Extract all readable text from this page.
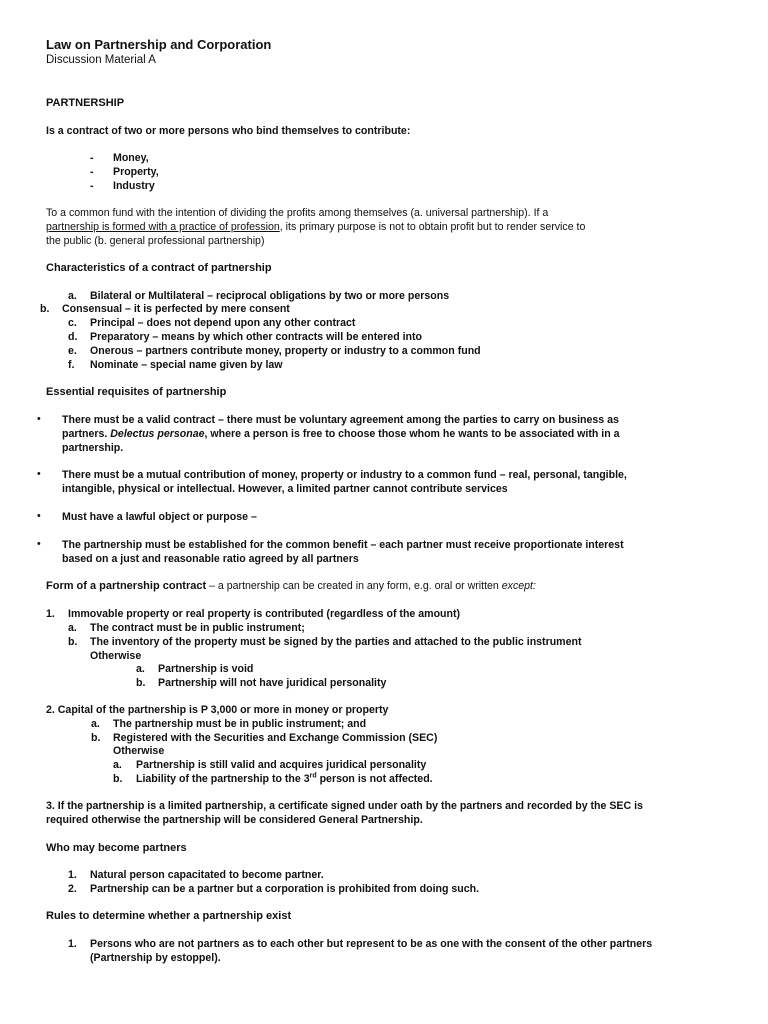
Law on Partnership and Corporation
Discussion Material A
PARTNERSHIP
Is a contract of two or more persons who bind themselves to contribute:
- Money,
- Property,
- Industry
To a common fund with the intention of dividing the profits among themselves (a. universal partnership). If a
partnership is formed with a practice of profession, its primary purpose is not to obtain profit but to render service to
the public (b. general professional partnership)
Characteristics of a contract of partnership
a. Bilateral or Multilateral – reciprocal obligations by two or more persons
b. Consensual – it is perfected by mere consent
c. Principal – does not depend upon any other contract
d. Preparatory – means by which other contracts will be entered into
e. Onerous – partners contribute money, property or industry to a common fund
f. Nominate – special name given by law
Essential requisites of partnership
• There must be a valid contract – there must be voluntary agreement among the parties to carry on business as
partners. Delectus personae, where a person is free to choose those whom he wants to be associated with in a
partnership.
• There must be a mutual contribution of money, property or industry to a common fund – real, personal, tangible,
intangible, physical or intellectual. However, a limited partner cannot contribute services
• Must have a lawful object or purpose –
• The partnership must be established for the common benefit – each partner must receive proportionate interest
based on a just and reasonable ratio agreed by all partners
Form of a partnership contract – a partnership can be created in any form, e.g. oral or written except:
1. Immovable property or real property is contributed (regardless of the amount)
a. The contract must be in public instrument;
b. The inventory of the property must be signed by the parties and attached to the public instrument
Otherwise
a. Partnership is void
b. Partnership will not have juridical personality
2. Capital of the partnership is P 3,000 or more in money or property
a. The partnership must be in public instrument; and
b. Registered with the Securities and Exchange Commission (SEC)
Otherwise
a. Partnership is still valid and acquires juridical personality
b. Liability of the partnership to the 3rd person is not affected.
3. If the partnership is a limited partnership, a certificate signed under oath by the partners and recorded by the SEC is
required otherwise the partnership will be considered General Partnership.
Who may become partners
1. Natural person capacitated to become partner.
2. Partnership can be a partner but a corporation is prohibited from doing such.
Rules to determine whether a partnership exist
1. Persons who are not partners as to each other but represent to be as one with the consent of the other partners
(Partnership by estoppel).
